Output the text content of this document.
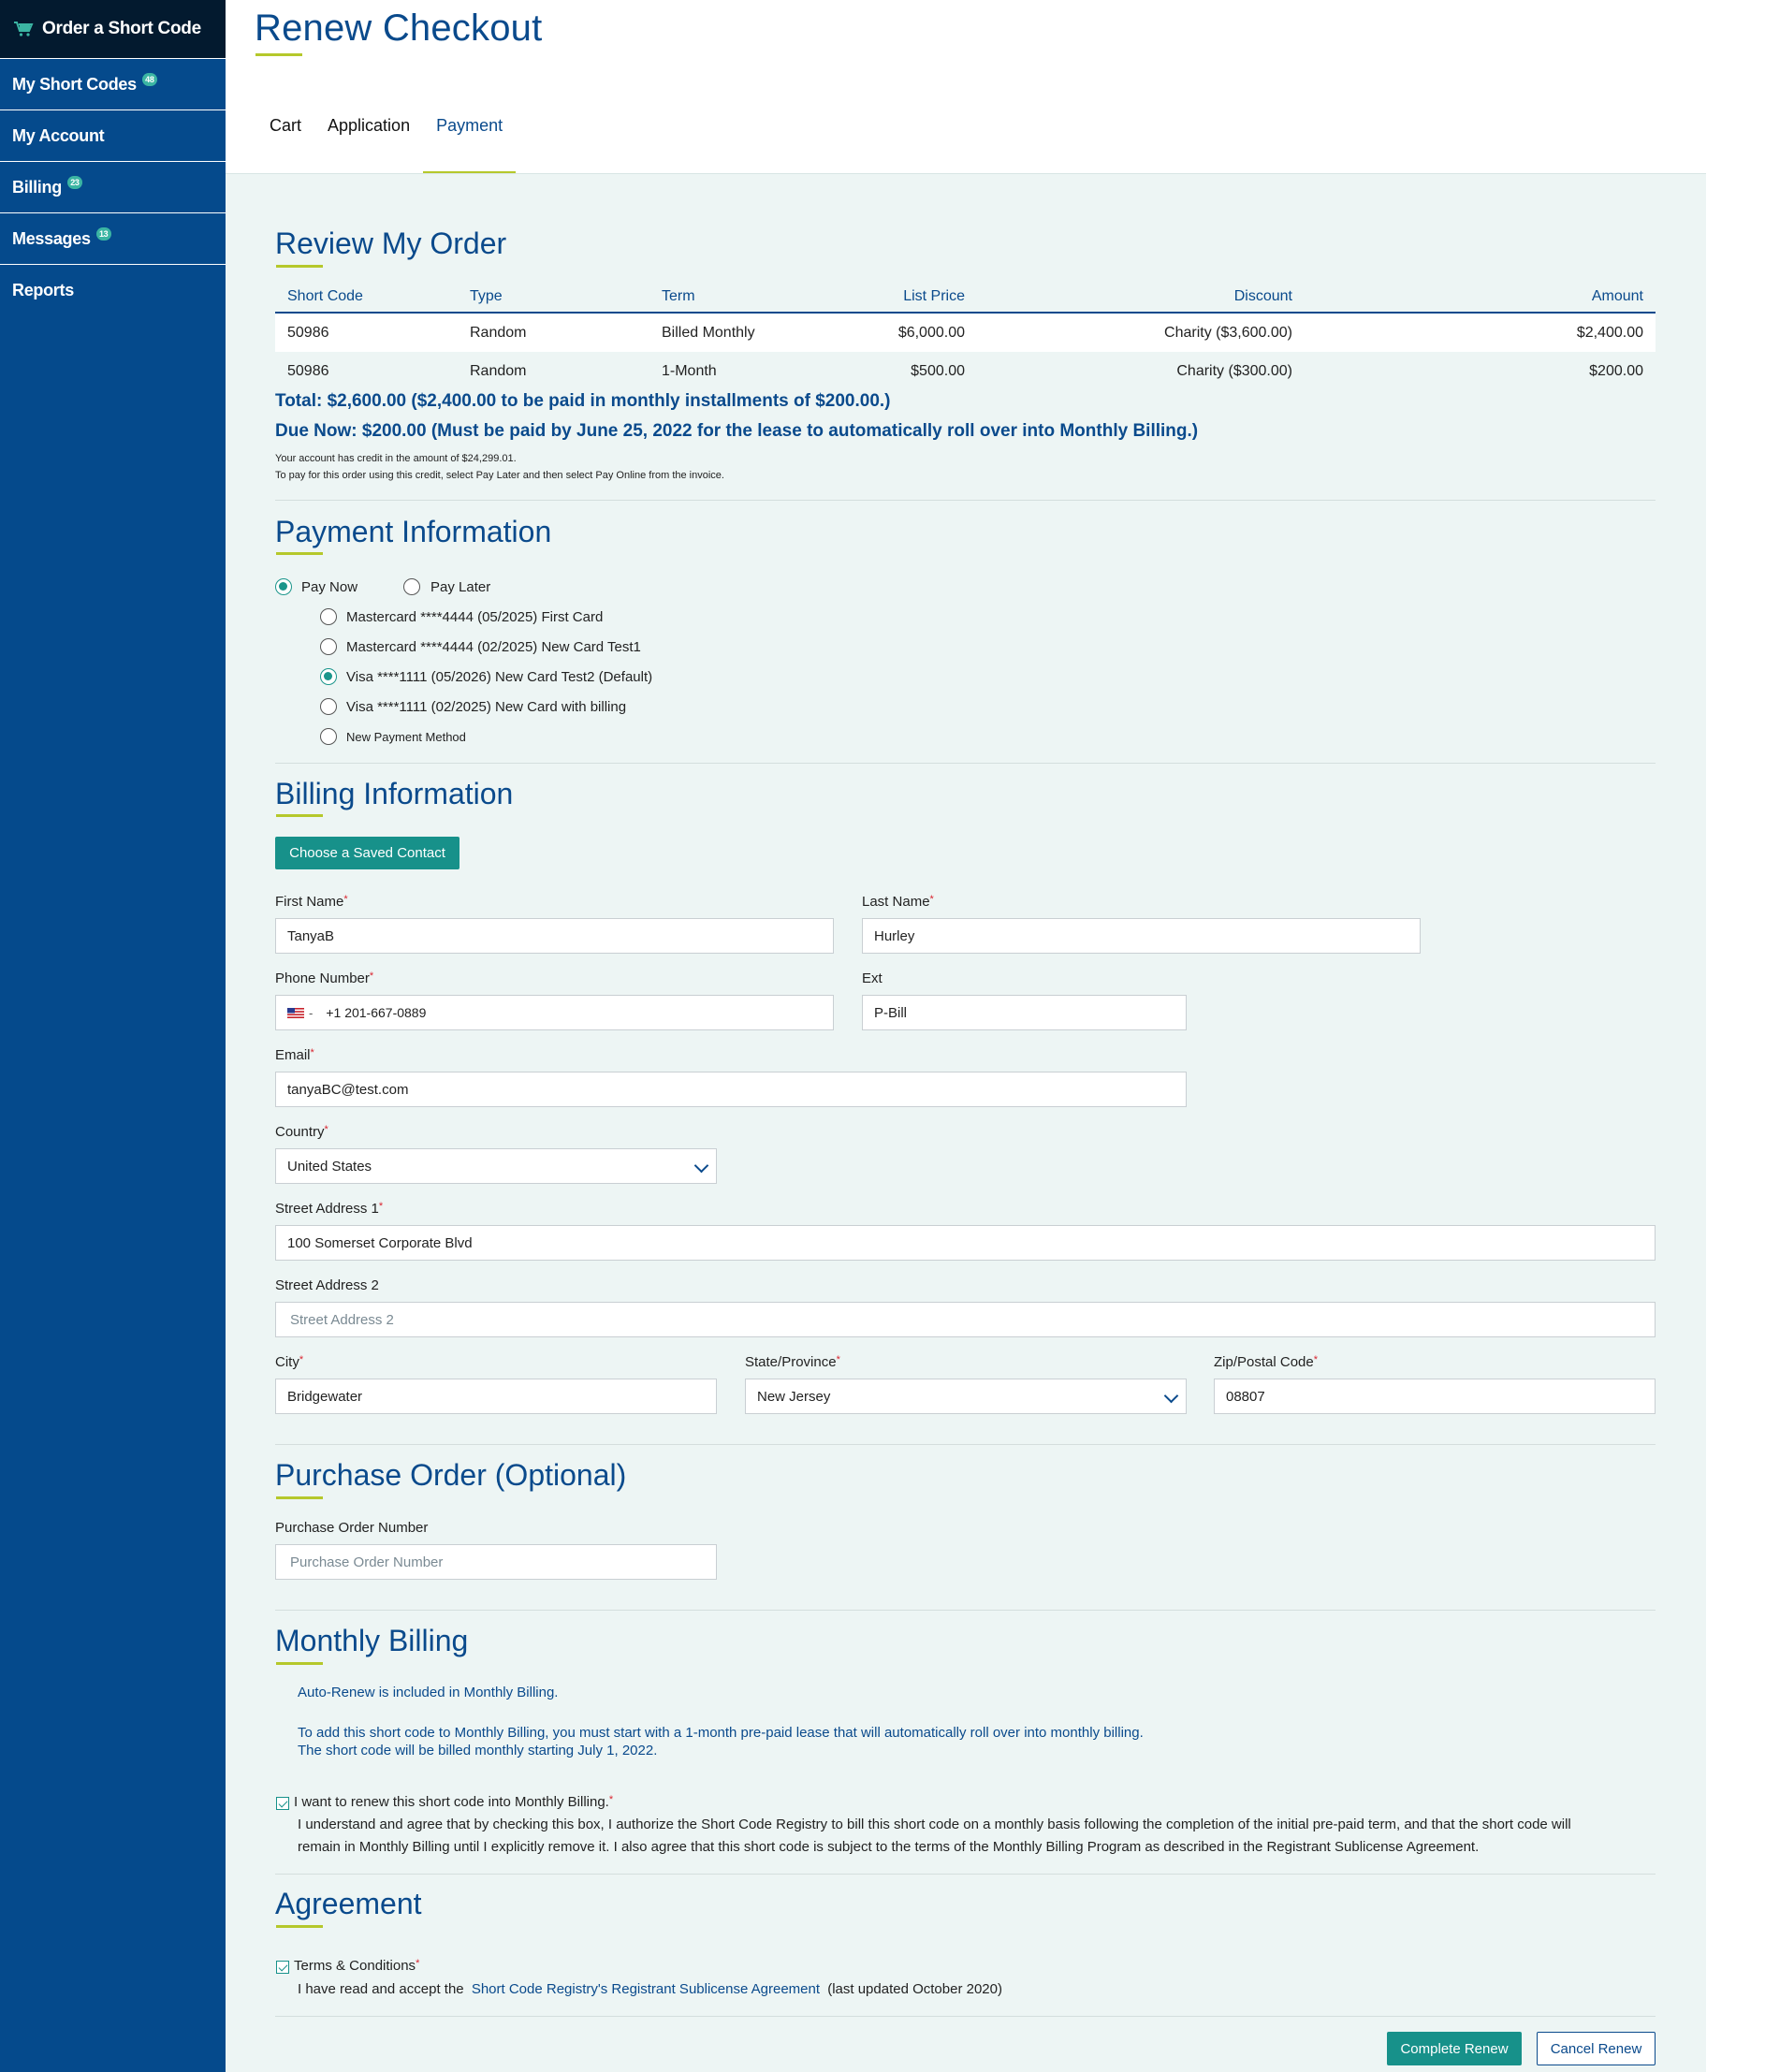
Order a Short Code
My Short Codes	48
My Account
Billing	23
Messages	13
Reports
Renew Checkout
Cart Application	Payment
Review My Order
Short Code	Type	Term	List Price	Discount	Amount
50986	Random	Billed Monthly	$6,000.00	Charity ($3,600.00)	$2,400.00
50986	Random	1-Month	$500.00	Charity ($300.00)	$200.00
Total: $2,600.00 ($2,400.00 to be paid in monthly installments of $200.00.)
Due Now: $200.00 (Must be paid by June 25, 2022 for the lease to automatically roll over into Monthly Billing.)
Your account has credit in the amount of $24,299.01.
To pay for this order using this credit, select Pay Later and then select Pay Online from the invoice.
Payment Information
Pay Now	Pay Later
Mastercard ****4444 (05/2025) First Card
Mastercard ****4444 (02/2025) New Card Test1
Visa ****1111 (05/2026) New Card Test2 (Default)
Visa ****1111 (02/2025) New Card with billing
New Payment Method
Billing Information
Choose a Saved Contact
First Name*
TanyaB
Last Name*
Hurley
Phone Number*
- +1 201-667-0889
Ext
P-Bill
Email*
tanyaBC@test.com
Country*
United States
Street Address 1*
100 Somerset Corporate Blvd
Street Address 2
Street Address 2
City*
Bridgewater
State/Province*
New Jersey
Zip/Postal Code*
08807
Purchase Order (Optional)
Purchase Order Number
Purchase Order Number
Monthly Billing
Auto-Renew is included in Monthly Billing.
To add this short code to Monthly Billing, you must start with a 1-month pre-paid lease that will automatically roll over into monthly billing.
The short code will be billed monthly starting July 1, 2022.
I want to renew this short code into Monthly Billing.*
I understand and agree that by checking this box, I authorize the Short Code Registry to bill this short code on a monthly basis following the completion of the initial pre-paid term, and that the short code will
remain in Monthly Billing until I explicitly remove it. I also agree that this short code is subject to the terms of the Monthly Billing Program as described in the Registrant Sublicense Agreement.
Agreement
Terms & Conditions*
I have read and accept the Short Code Registry's Registrant Sublicense Agreement (last updated October 2020)
Complete Renew	Cancel Renew
